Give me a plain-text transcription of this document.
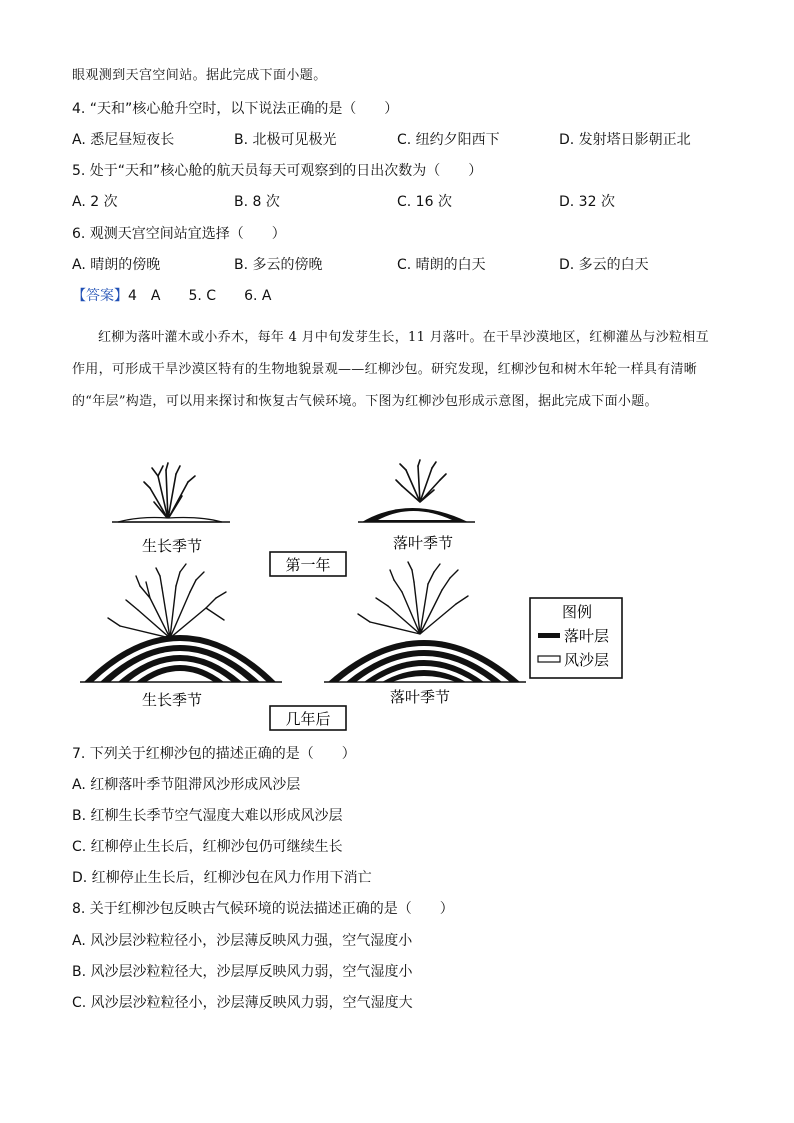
眼观测到天宫空间站。据此完成下面小题。
4. “天和”核心舱升空时，以下说法正确的是（　　）
A. 悉尼昼短夜长	B. 北极可见极光	C. 纽约夕阳西下	D. 发射塔日影朝正北
5. 处于“天和”核心舱的航天员每天可观察到的日出次数为（　　）
A. 2 次	B. 8 次	C. 16 次	D. 32 次
6. 观测天宫空间站宜选择（　　）
A. 晴朗的傍晚	B. 多云的傍晚	C. 晴朗的白天	D. 多云的白天
【答案】4　A　　5. C　　6. A
红柳为落叶灌木或小乔木，每年 4 月中旬发芽生长，11 月落叶。在干旱沙漠地区，红柳灌丛与沙粒相互作用，可形成干旱沙漠区特有的生物地貌景观——红柳沙包。研究发现，红柳沙包和树木年轮一样具有清晰的“年层”构造，可以用来探讨和恢复古气候环境。下图为红柳沙包形成示意图，据此完成下面小题。
生长季节	落叶季节
第一年
生长季节	落叶季节
几年后
图例
落叶层
风沙层
7. 下列关于红柳沙包的描述正确的是（　　）
A. 红柳落叶季节阻滞风沙形成风沙层
B. 红柳生长季节空气湿度大难以形成风沙层
C. 红柳停止生长后，红柳沙包仍可继续生长
D. 红柳停止生长后，红柳沙包在风力作用下消亡
8. 关于红柳沙包反映古气候环境的说法描述正确的是（　　）
A. 风沙层沙粒粒径小，沙层薄反映风力强，空气湿度小
B. 风沙层沙粒粒径大，沙层厚反映风力弱，空气湿度小
C. 风沙层沙粒粒径小，沙层薄反映风力弱，空气湿度大
